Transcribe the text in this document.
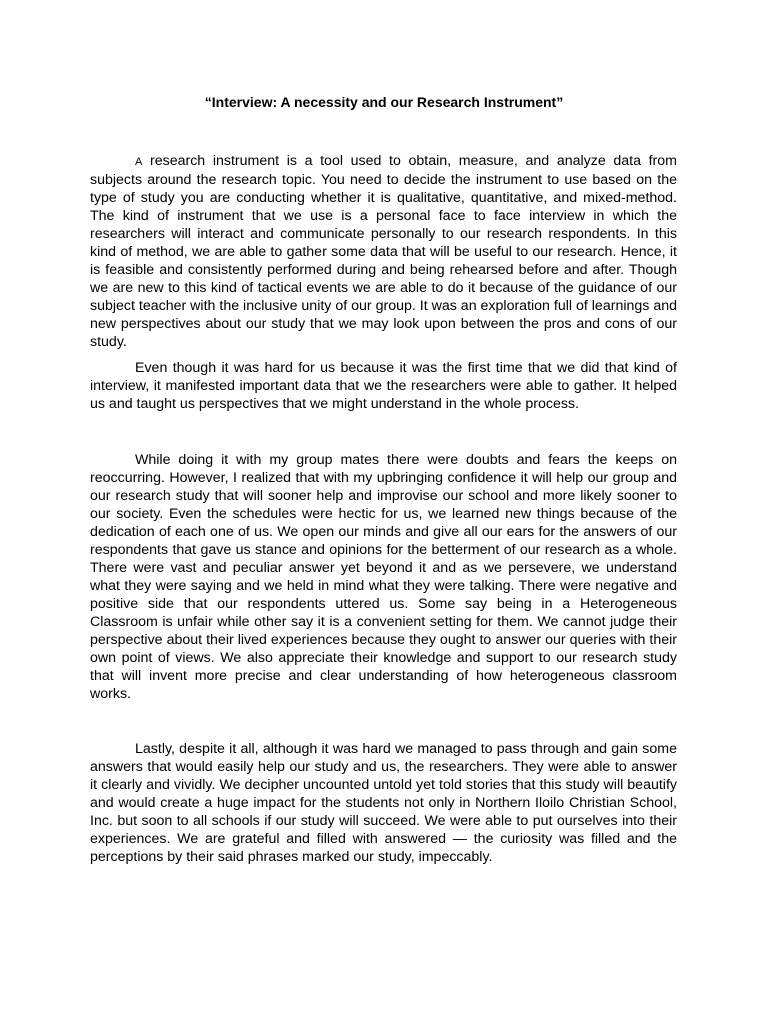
“Interview: A necessity and our Research Instrument”

A research instrument is a tool used to obtain, measure, and analyze data from subjects around the research topic. You need to decide the instrument to use based on the type of study you are conducting whether it is qualitative, quantitative, and mixed-method. The kind of instrument that we use is a personal face to face interview in which the researchers will interact and communicate personally to our research respondents. In this kind of method, we are able to gather some data that will be useful to our research. Hence, it is feasible and consistently performed during and being rehearsed before and after. Though we are new to this kind of tactical events we are able to do it because of the guidance of our subject teacher with the inclusive unity of our group. It was an exploration full of learnings and new perspectives about our study that we may look upon between the pros and cons of our study.

Even though it was hard for us because it was the first time that we did that kind of interview, it manifested important data that we the researchers were able to gather. It helped us and taught us perspectives that we might understand in the whole process.

While doing it with my group mates there were doubts and fears the keeps on reoccurring. However, I realized that with my upbringing confidence it will help our group and our research study that will sooner help and improvise our school and more likely sooner to our society. Even the schedules were hectic for us, we learned new things because of the dedication of each one of us. We open our minds and give all our ears for the answers of our respondents that gave us stance and opinions for the betterment of our research as a whole. There were vast and peculiar answer yet beyond it and as we persevere, we understand what they were saying and we held in mind what they were talking. There were negative and positive side that our respondents uttered us. Some say being in a Heterogeneous Classroom is unfair while other say it is a convenient setting for them. We cannot judge their perspective about their lived experiences because they ought to answer our queries with their own point of views. We also appreciate their knowledge and support to our research study that will invent more precise and clear understanding of how heterogeneous classroom works.

Lastly, despite it all, although it was hard we managed to pass through and gain some answers that would easily help our study and us, the researchers. They were able to answer it clearly and vividly. We decipher uncounted untold yet told stories that this study will beautify and would create a huge impact for the students not only in Northern Iloilo Christian School, Inc. but soon to all schools if our study will succeed. We were able to put ourselves into their experiences. We are grateful and filled with answered — the curiosity was filled and the perceptions by their said phrases marked our study, impeccably.
